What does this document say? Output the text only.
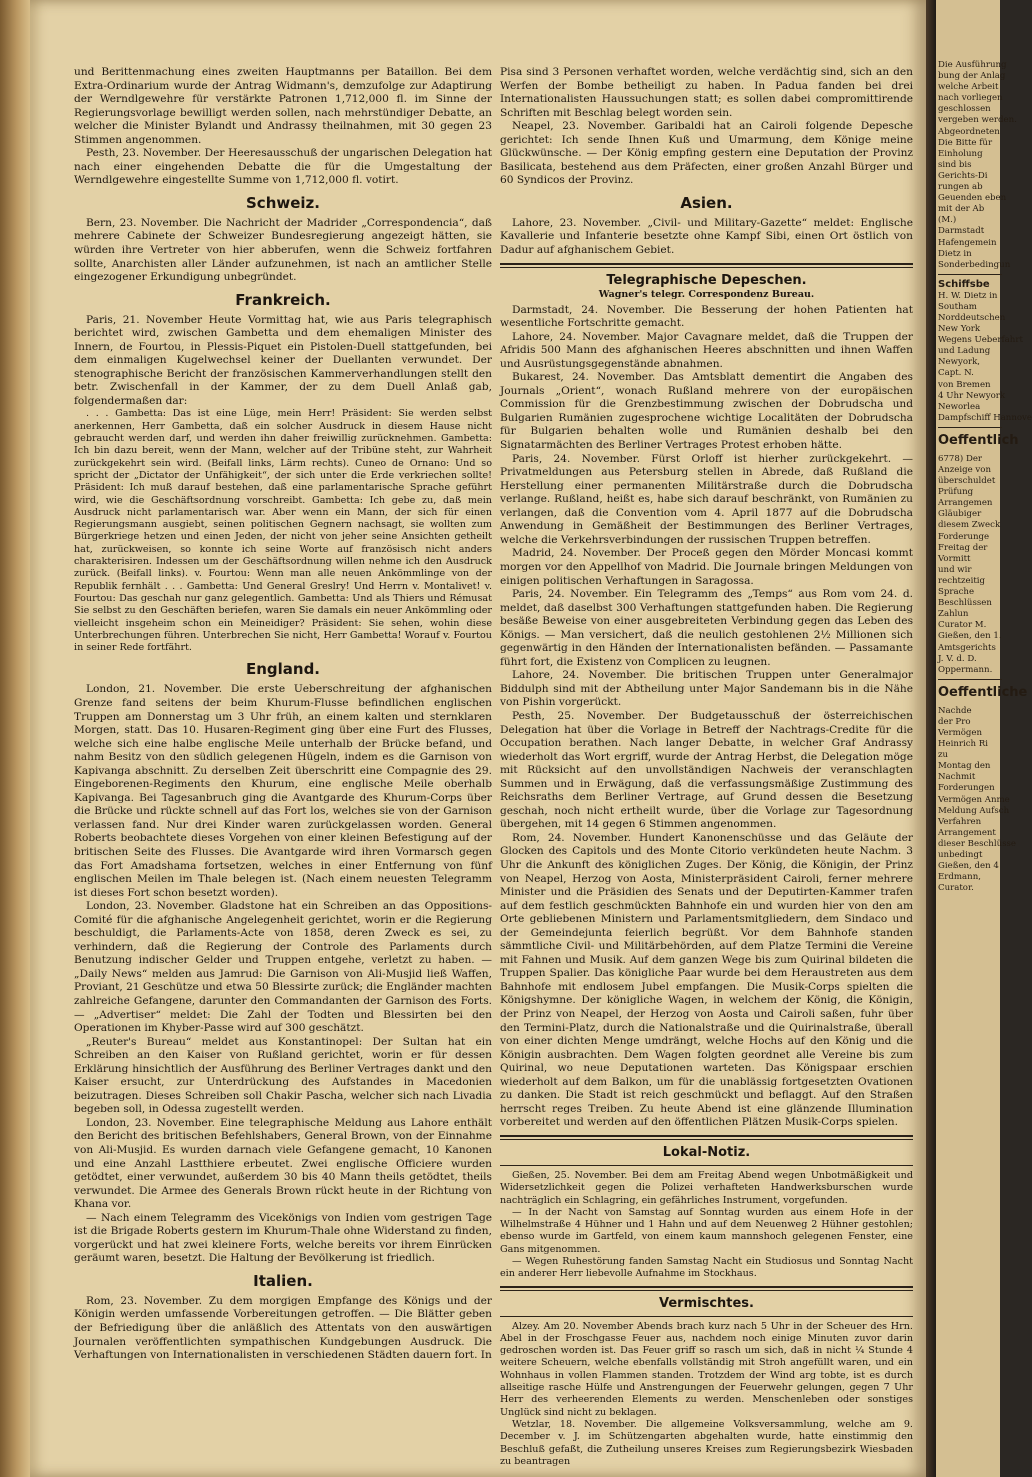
und Berittenmachung eines zweiten Hauptmanns per Bataillon. Bei dem Extra-Ordinarium wurde der Antrag Widmann's, demzufolge zur Adaptirung der Werndlgewehre für verstärkte Patronen 1,712,000 fl. im Sinne der Regierungsvorlage bewilligt werden sollen, nach mehrstündiger Debatte, an welcher die Minister Bylandt und Andrassy theilnahmen, mit 30 gegen 23 Stimmen angenommen.

Pesth, 23. November. Der Heeresausschuß der ungarischen Delegation hat nach einer eingehenden Debatte die für die Umgestaltung der Werndlgewehre eingestellte Summe von 1,712,000 fl. votirt.

Schweiz.

Bern, 23. November. Die Nachricht der Madrider „Correspondencia“, daß mehrere Cabinete der Schweizer Bundesregierung angezeigt hätten, sie würden ihre Vertreter von hier abberufen, wenn die Schweiz fortfahren sollte, Anarchisten aller Länder aufzunehmen, ist nach an amtlicher Stelle eingezogener Erkundigung unbegründet.

Frankreich.

Paris, 21. November Heute Vormittag hat, wie aus Paris telegraphisch berichtet wird, zwischen Gambetta und dem ehemaligen Minister des Innern, de Fourtou, in Plessis-Piquet ein Pistolen-Duell stattgefunden, bei dem einmaligen Kugelwechsel keiner der Duellanten verwundet. Der stenographische Bericht der französischen Kammerverhandlungen stellt den betr. Zwischenfall in der Kammer, der zu dem Duell Anlaß gab, folgendermaßen dar:

. . . Gambetta: Das ist eine Lüge, mein Herr! Präsident: Sie werden selbst anerkennen, Herr Gambetta, daß ein solcher Ausdruck in diesem Hause nicht gebraucht werden darf, und werden ihn daher freiwillig zurücknehmen. Gambetta: Ich bin dazu bereit, wenn der Mann, welcher auf der Tribüne steht, zur Wahrheit zurückgekehrt sein wird. (Beifall links, Lärm rechts). Cuneo de Ornano: Und so spricht der „Dictator der Unfähigkeit“, der sich unter die Erde verkriechen sollte! Präsident: Ich muß darauf bestehen, daß eine parlamentarische Sprache geführt wird, wie die Geschäftsordnung vorschreibt. Gambetta: Ich gebe zu, daß mein Ausdruck nicht parlamentarisch war. Aber wenn ein Mann, der sich für einen Regierungsmann ausgiebt, seinen politischen Gegnern nachsagt, sie wollten zum Bürgerkriege hetzen und einen Jeden, der nicht von jeher seine Ansichten getheilt hat, zurückweisen, so konnte ich seine Worte auf französisch nicht anders charakterisiren. Indessen um der Geschäftsordnung willen nehme ich den Ausdruck zurück. (Beifall links). v. Fourtou: Wenn man alle neuen Ankömmlinge von der Republik fernhält . . . Gambetta: Und General Greslry! Und Herrn v. Montalivet! v. Fourtou: Das geschah nur ganz gelegentlich. Gambetta: Und als Thiers und Rémusat Sie selbst zu den Geschäften beriefen, waren Sie damals ein neuer Ankömmling oder vielleicht insgeheim schon ein Meineidiger? Präsident: Sie sehen, wohin diese Unterbrechungen führen. Unterbrechen Sie nicht, Herr Gambetta! Worauf v. Fourtou in seiner Rede fortfährt.

England.

London, 21. November. Die erste Ueberschreitung der afghanischen Grenze fand seitens der beim Khurum-Flusse befindlichen englischen Truppen am Donnerstag um 3 Uhr früh, an einem kalten und sternklaren Morgen, statt. Das 10. Husaren-Regiment ging über eine Furt des Flusses, welche sich eine halbe englische Meile unterhalb der Brücke befand, und nahm Besitz von den südlich gelegenen Hügeln, indem es die Garnison von Kapivanga abschnitt. Zu derselben Zeit überschritt eine Compagnie des 29. Eingeborenen-Regiments den Khurum, eine englische Meile oberhalb Kapivanga. Bei Tagesanbruch ging die Avantgarde des Khurum-Corps über die Brücke und rückte schnell auf das Fort los, welches sie von der Garnison verlassen fand. Nur drei Kinder waren zurückgelassen worden. General Roberts beobachtete dieses Vorgehen von einer kleinen Befestigung auf der britischen Seite des Flusses. Die Avantgarde wird ihren Vormarsch gegen das Fort Amadshama fortsetzen, welches in einer Entfernung von fünf englischen Meilen im Thale belegen ist. (Nach einem neuesten Telegramm ist dieses Fort schon besetzt worden).

London, 23. November. Gladstone hat ein Schreiben an das Oppositions-Comité für die afghanische Angelegenheit gerichtet, worin er die Regierung beschuldigt, die Parlaments-Acte von 1858, deren Zweck es sei, zu verhindern, daß die Regierung der Controle des Parlaments durch Benutzung indischer Gelder und Truppen entgehe, verletzt zu haben. — „Daily News“ melden aus Jamrud: Die Garnison von Ali-Musjid ließ Waffen, Proviant, 21 Geschütze und etwa 50 Blessirte zurück; die Engländer machten zahlreiche Gefangene, darunter den Commandanten der Garnison des Forts. — „Advertiser“ meldet: Die Zahl der Todten und Blessirten bei den Operationen im Khyber-Passe wird auf 300 geschätzt.

„Reuter's Bureau“ meldet aus Konstantinopel: Der Sultan hat ein Schreiben an den Kaiser von Rußland gerichtet, worin er für dessen Erklärung hinsichtlich der Ausführung des Berliner Vertrages dankt und den Kaiser ersucht, zur Unterdrückung des Aufstandes in Macedonien beizutragen. Dieses Schreiben soll Chakir Pascha, welcher sich nach Livadia begeben soll, in Odessa zugestellt werden.

London, 23. November. Eine telegraphische Meldung aus Lahore enthält den Bericht des britischen Befehlshabers, General Brown, von der Einnahme von Ali-Musjid. Es wurden darnach viele Gefangene gemacht, 10 Kanonen und eine Anzahl Lastthiere erbeutet. Zwei englische Officiere wurden getödtet, einer verwundet, außerdem 30 bis 40 Mann theils getödtet, theils verwundet. Die Armee des Generals Brown rückt heute in der Richtung von Khana vor.

— Nach einem Telegramm des Vicekönigs von Indien vom gestrigen Tage ist die Brigade Roberts gestern im Khurum-Thale ohne Widerstand zu finden, vorgerückt und hat zwei kleinere Forts, welche bereits vor ihrem Einrücken geräumt waren, besetzt. Die Haltung der Bevölkerung ist friedlich.

Italien.

Rom, 23. November. Zu dem morgigen Empfange des Königs und der Königin werden umfassende Vorbereitungen getroffen. — Die Blätter geben der Befriedigung über die anläßlich des Attentats von den auswärtigen Journalen veröffentlichten sympathischen Kundgebungen Ausdruck. Die Verhaftungen von Internationalisten in verschiedenen Städten dauern fort. In

Pisa sind 3 Personen verhaftet worden, welche verdächtig sind, sich an den Werfen der Bombe betheiligt zu haben. In Padua fanden bei drei Internationalisten Haussuchungen statt; es sollen dabei compromittirende Schriften mit Beschlag belegt worden sein.

Neapel, 23. November. Garibaldi hat an Cairoli folgende Depesche gerichtet: Ich sende Ihnen Kuß und Umarmung, dem Könige meine Glückwünsche. — Der König empfing gestern eine Deputation der Provinz Basilicata, bestehend aus dem Präfecten, einer großen Anzahl Bürger und 60 Syndicos der Provinz.

Asien.

Lahore, 23. November. „Civil- und Military-Gazette“ meldet: Englische Kavallerie und Infanterie besetzte ohne Kampf Sibi, einen Ort östlich von Dadur auf afghanischem Gebiet.

Telegraphische Depeschen.
Wagner's telegr. Correspondenz Bureau.

Darmstadt, 24. November. Die Besserung der hohen Patienten hat wesentliche Fortschritte gemacht.

Lahore, 24. November. Major Cavagnare meldet, daß die Truppen der Afridis 500 Mann des afghanischen Heeres abschnitten und ihnen Waffen und Ausrüstungsgegenstände abnahmen.

Bukarest, 24. November. Das Amtsblatt dementirt die Angaben des Journals „Orient“, wonach Rußland mehrere von der europäischen Commission für die Grenzbestimmung zwischen der Dobrudscha und Bulgarien Rumänien zugesprochene wichtige Localitäten der Dobrudscha für Bulgarien behalten wolle und Rumänien deshalb bei den Signatarmächten des Berliner Vertrages Protest erhoben hätte.

Paris, 24. November. Fürst Orloff ist hierher zurückgekehrt. — Privatmeldungen aus Petersburg stellen in Abrede, daß Rußland die Herstellung einer permanenten Militärstraße durch die Dobrudscha verlange. Rußland, heißt es, habe sich darauf beschränkt, von Rumänien zu verlangen, daß die Convention vom 4. April 1877 auf die Dobrudscha Anwendung in Gemäßheit der Bestimmungen des Berliner Vertrages, welche die Verkehrsverbindungen der russischen Truppen betreffen.

Madrid, 24. November. Der Proceß gegen den Mörder Moncasi kommt morgen vor den Appellhof von Madrid. Die Journale bringen Meldungen von einigen politischen Verhaftungen in Saragossa.

Paris, 24. November. Ein Telegramm des „Temps“ aus Rom vom 24. d. meldet, daß daselbst 300 Verhaftungen stattgefunden haben. Die Regierung besäße Beweise von einer ausgebreiteten Verbindung gegen das Leben des Königs. — Man versichert, daß die neulich gestohlenen 2½ Millionen sich gegenwärtig in den Händen der Internationalisten befänden. — Passamante führt fort, die Existenz von Complicen zu leugnen.

Lahore, 24. November. Die britischen Truppen unter Generalmajor Biddulph sind mit der Abtheilung unter Major Sandemann bis in die Nähe von Pishin vorgerückt.

Pesth, 25. November. Der Budgetausschuß der österreichischen Delegation hat über die Vorlage in Betreff der Nachtrags-Credite für die Occupation berathen. Nach langer Debatte, in welcher Graf Andrassy wiederholt das Wort ergriff, wurde der Antrag Herbst, die Delegation möge mit Rücksicht auf den unvollständigen Nachweis der veranschlagten Summen und in Erwägung, daß die verfassungsmäßige Zustimmung des Reichsraths dem Berliner Vertrage, auf Grund dessen die Besetzung geschah, noch nicht ertheilt wurde, über die Vorlage zur Tagesordnung übergehen, mit 14 gegen 6 Stimmen angenommen.

Rom, 24. November. Hundert Kanonenschüsse und das Geläute der Glocken des Capitols und des Monte Citorio verkündeten heute Nachm. 3 Uhr die Ankunft des königlichen Zuges. Der König, die Königin, der Prinz von Neapel, Herzog von Aosta, Ministerpräsident Cairoli, ferner mehrere Minister und die Präsidien des Senats und der Deputirten-Kammer trafen auf dem festlich geschmückten Bahnhofe ein und wurden hier von den am Orte gebliebenen Ministern und Parlamentsmitgliedern, dem Sindaco und der Gemeindejunta feierlich begrüßt. Vor dem Bahnhofe standen sämmtliche Civil- und Militärbehörden, auf dem Platze Termini die Vereine mit Fahnen und Musik. Auf dem ganzen Wege bis zum Quirinal bildeten die Truppen Spalier. Das königliche Paar wurde bei dem Heraustreten aus dem Bahnhofe mit endlosem Jubel empfangen. Die Musik-Corps spielten die Königshymne. Der königliche Wagen, in welchem der König, die Königin, der Prinz von Neapel, der Herzog von Aosta und Cairoli saßen, fuhr über den Termini-Platz, durch die Nationalstraße und die Quirinalstraße, überall von einer dichten Menge umdrängt, welche Hochs auf den König und die Königin ausbrachten. Dem Wagen folgten geordnet alle Vereine bis zum Quirinal, wo neue Deputationen warteten. Das Königspaar erschien wiederholt auf dem Balkon, um für die unablässig fortgesetzten Ovationen zu danken. Die Stadt ist reich geschmückt und beflaggt. Auf den Straßen herrscht reges Treiben. Zu heute Abend ist eine glänzende Illumination vorbereitet und werden auf den öffentlichen Plätzen Musik-Corps spielen.

Lokal-Notiz.

Gießen, 25. November. Bei dem am Freitag Abend wegen Unbotmäßigkeit und Widersetzlichkeit gegen die Polizei verhafteten Handwerksburschen wurde nachträglich ein Schlagring, ein gefährliches Instrument, vorgefunden.

— In der Nacht von Samstag auf Sonntag wurden aus einem Hofe in der Wilhelmstraße 4 Hühner und 1 Hahn und auf dem Neuenweg 2 Hühner gestohlen; ebenso wurde im Gartfeld, von einem kaum mannshoch gelegenen Fenster, eine Gans mitgenommen.

— Wegen Ruhestörung fanden Samstag Nacht ein Studiosus und Sonntag Nacht ein anderer Herr liebevolle Aufnahme im Stockhaus.

Vermischtes.

Alzey. Am 20. November Abends brach kurz nach 5 Uhr in der Scheuer des Hrn. Abel in der Froschgasse Feuer aus, nachdem noch einige Minuten zuvor darin gedroschen worden ist. Das Feuer griff so rasch um sich, daß in nicht ¼ Stunde 4 weitere Scheuern, welche ebenfalls vollständig mit Stroh angefüllt waren, und ein Wohnhaus in vollen Flammen standen. Trotzdem der Wind arg tobte, ist es durch allseitige rasche Hülfe und Anstrengungen der Feuerwehr gelungen, gegen 7 Uhr Herr des verheerenden Elements zu werden. Menschenleben oder sonstiges Unglück sind nicht zu beklagen.

Wetzlar, 18. November. Die allgemeine Volksversammlung, welche am 9. December v. J. im Schützengarten abgehalten wurde, hatte einstimmig den Beschluß gefaßt, die Zutheilung unseres Kreises zum Regierungsbezirk Wiesbaden zu beantragen

Die Ausführung
bung der Anlag
welche Arbeit
nach vorliegen
geschlossen
vergeben werden.
Abgeordneten
Die Bitte für
Einholung
sind bis
Gerichts-Di
rungen ab
Geuenden eben
mit der Ab
(M.)
Darmstadt
Hafengemein
Dietz in
Sonderbedingun
Schiffsbe
H. W. Dietz in
Southam
Norddeutschen
New York
Wegens Ueberfahrt
und Ladung
Newyork,
Capt. N.
von Bremen
4 Uhr Newyork
Neworlea
Dampfschiff Hannove
Oeffentlich
6778) Der
Anzeige von
überschuldet
Prüfung
Arrangemen
Gläubiger
diesem Zweck
Forderunge
Freitag der
Vormitt
und wir
rechtzeitig
Sprache
Beschlüssen
Zahlun
Curator M.
Gießen, den 1.
Amtsgerichts
J. V. d. D.
Oppermann.
Oeffentliche
Nachde
der Pro
Vermögen
Heinrich Ri
zu
Montag den
Nachmit
Forderungen
Vermögen Anme
Meldung Aufsch
Verfahren
Arrangement
dieser Beschlüsse
unbedingt
Gießen, den 4
Erdmann,
Curator.
